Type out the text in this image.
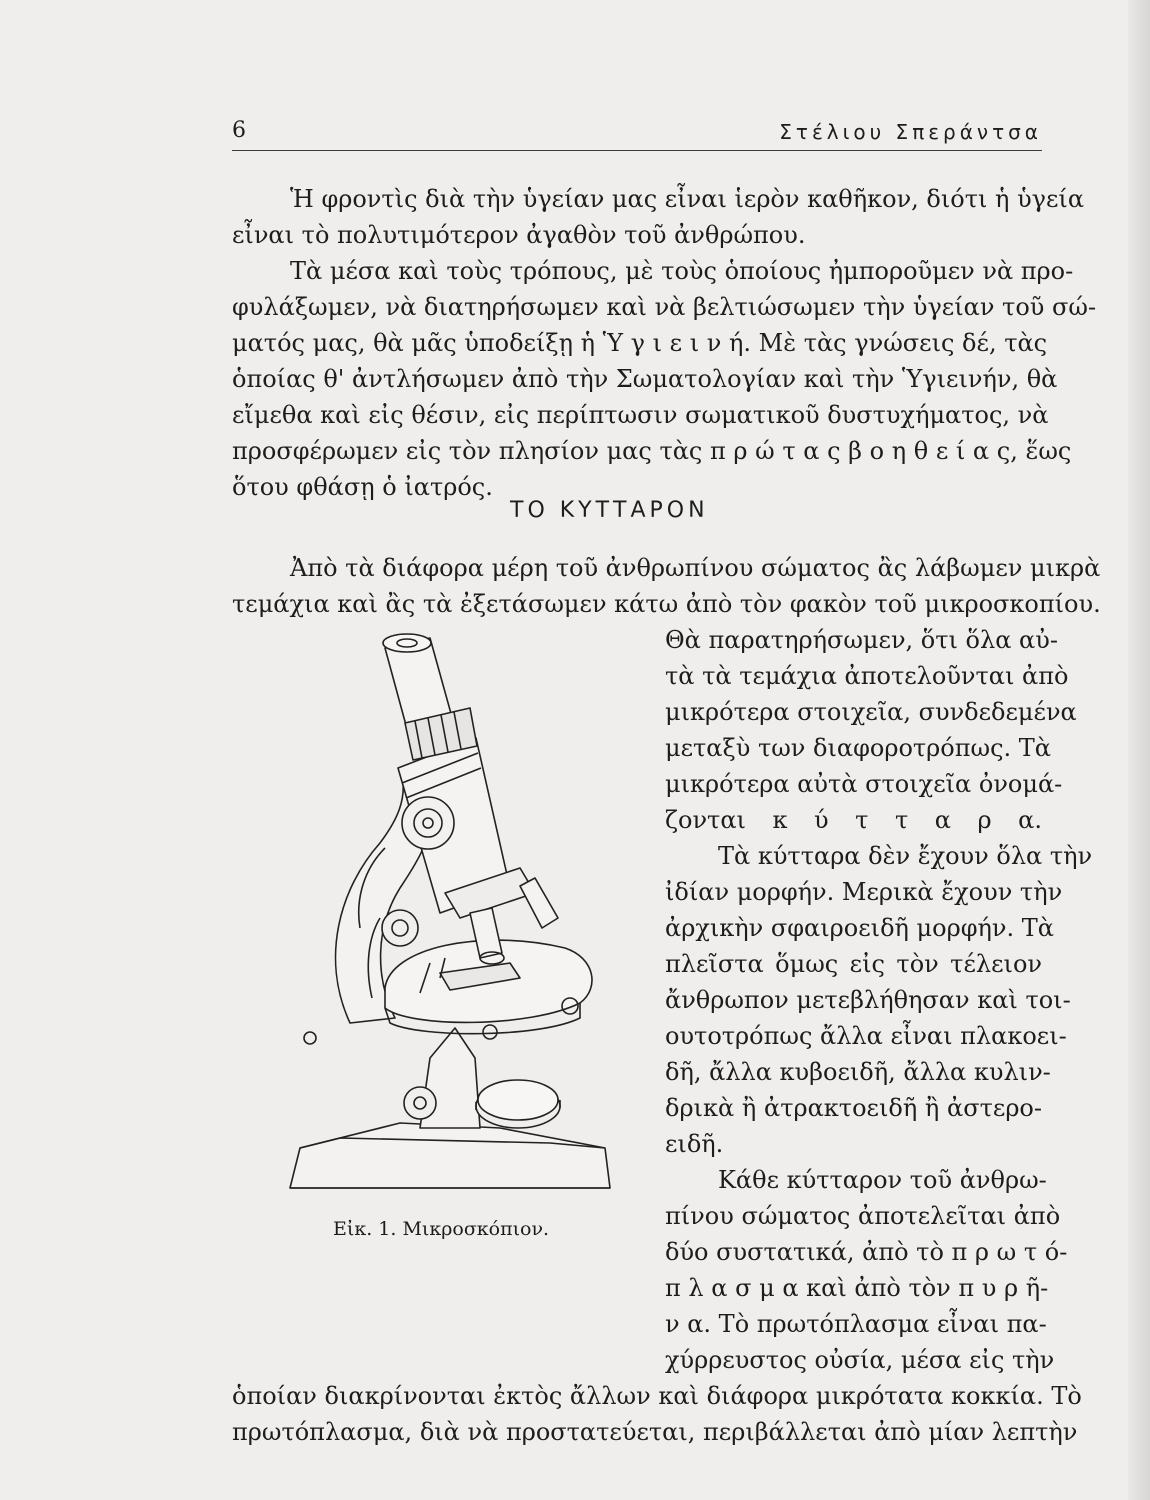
6	Στέλιου Σπεράντσα
Ἡ φροντὶς διὰ τὴν ὑγείαν μας εἶναι ἱερὸν καθῆκον, διότι ἡ ὑγεία
εἶναι τὸ πολυτιμότερον ἀγαθὸν τοῦ ἀνθρώπου.
Τὰ μέσα καὶ τοὺς τρόπους, μὲ τοὺς ὁποίους ἠμποροῦμεν νὰ προ-
φυλάξωμεν, νὰ διατηρήσωμεν καὶ νὰ βελτιώσωμεν τὴν ὑγείαν τοῦ σώ-
ματός μας, θὰ μᾶς ὑποδείξῃ ἡ Ὑ γ ι ε ι ν ή. Μὲ τὰς γνώσεις δέ, τὰς
ὁποίας θ' ἀντλήσωμεν ἀπὸ τὴν Σωματολογίαν καὶ τὴν Ὑγιεινήν, θὰ
εἴμεθα καὶ εἰς θέσιν, εἰς περίπτωσιν σωματικοῦ δυστυχήματος, νὰ
προσφέρωμεν εἰς τὸν πλησίον μας τὰς π ρ ώ τ α ς β ο η θ ε ί α ς, ἕως
ὅτου φθάσῃ ὁ ἰατρός.
ΤΟ ΚΥΤΤΑΡΟΝ
Ἀπὸ τὰ διάφορα μέρη τοῦ ἀνθρωπίνου σώματος ἂς λάβωμεν μικρὰ
τεμάχια καὶ ἂς τὰ ἐξετάσωμεν κάτω ἀπὸ τὸν φακὸν τοῦ μικροσκοπίου.
Θὰ παρατηρήσωμεν, ὅτι ὅλα αὐ-
τὰ τὰ τεμάχια ἀποτελοῦνται ἀπὸ
μικρότερα στοιχεῖα, συνδεδεμένα
μεταξὺ των διαφοροτρόπως. Τὰ
μικρότερα αὐτὰ στοιχεῖα ὀνομά-
ζονται κ ύ τ τ α ρ α.
Τὰ κύτταρα δὲν ἔχουν ὅλα τὴν
ἰδίαν μορφήν. Μερικὰ ἔχουν τὴν
ἀρχικὴν σφαιροειδῆ μορφήν. Τὰ
πλεῖστα ὅμως εἰς τὸν τέλειον
ἄνθρωπον μετεβλήθησαν καὶ τοι-
ουτοτρόπως ἄλλα εἶναι πλακοει-
δῆ, ἄλλα κυβοειδῆ, ἄλλα κυλιν-
δρικὰ ἢ ἀτρακτοειδῆ ἢ ἀστερο-
ειδῆ.
Κάθε κύτταρον τοῦ ἀνθρω-
πίνου σώματος ἀποτελεῖται ἀπὸ
δύο συστατικά, ἀπὸ τὸ π ρ ω τ ό-
π λ α σ μ α καὶ ἀπὸ τὸν π υ ρ ῆ-
ν α. Τὸ πρωτόπλασμα εἶναι πα-
χύρρευστος οὐσία, μέσα εἰς τὴν
ὁποίαν διακρίνονται ἐκτὸς ἄλλων καὶ διάφορα μικρότατα κοκκία. Τὸ
πρωτόπλασμα, διὰ νὰ προστατεύεται, περιβάλλεται ἀπὸ μίαν λεπτὴν
Εἰκ. 1. Μικροσκόπιον.
